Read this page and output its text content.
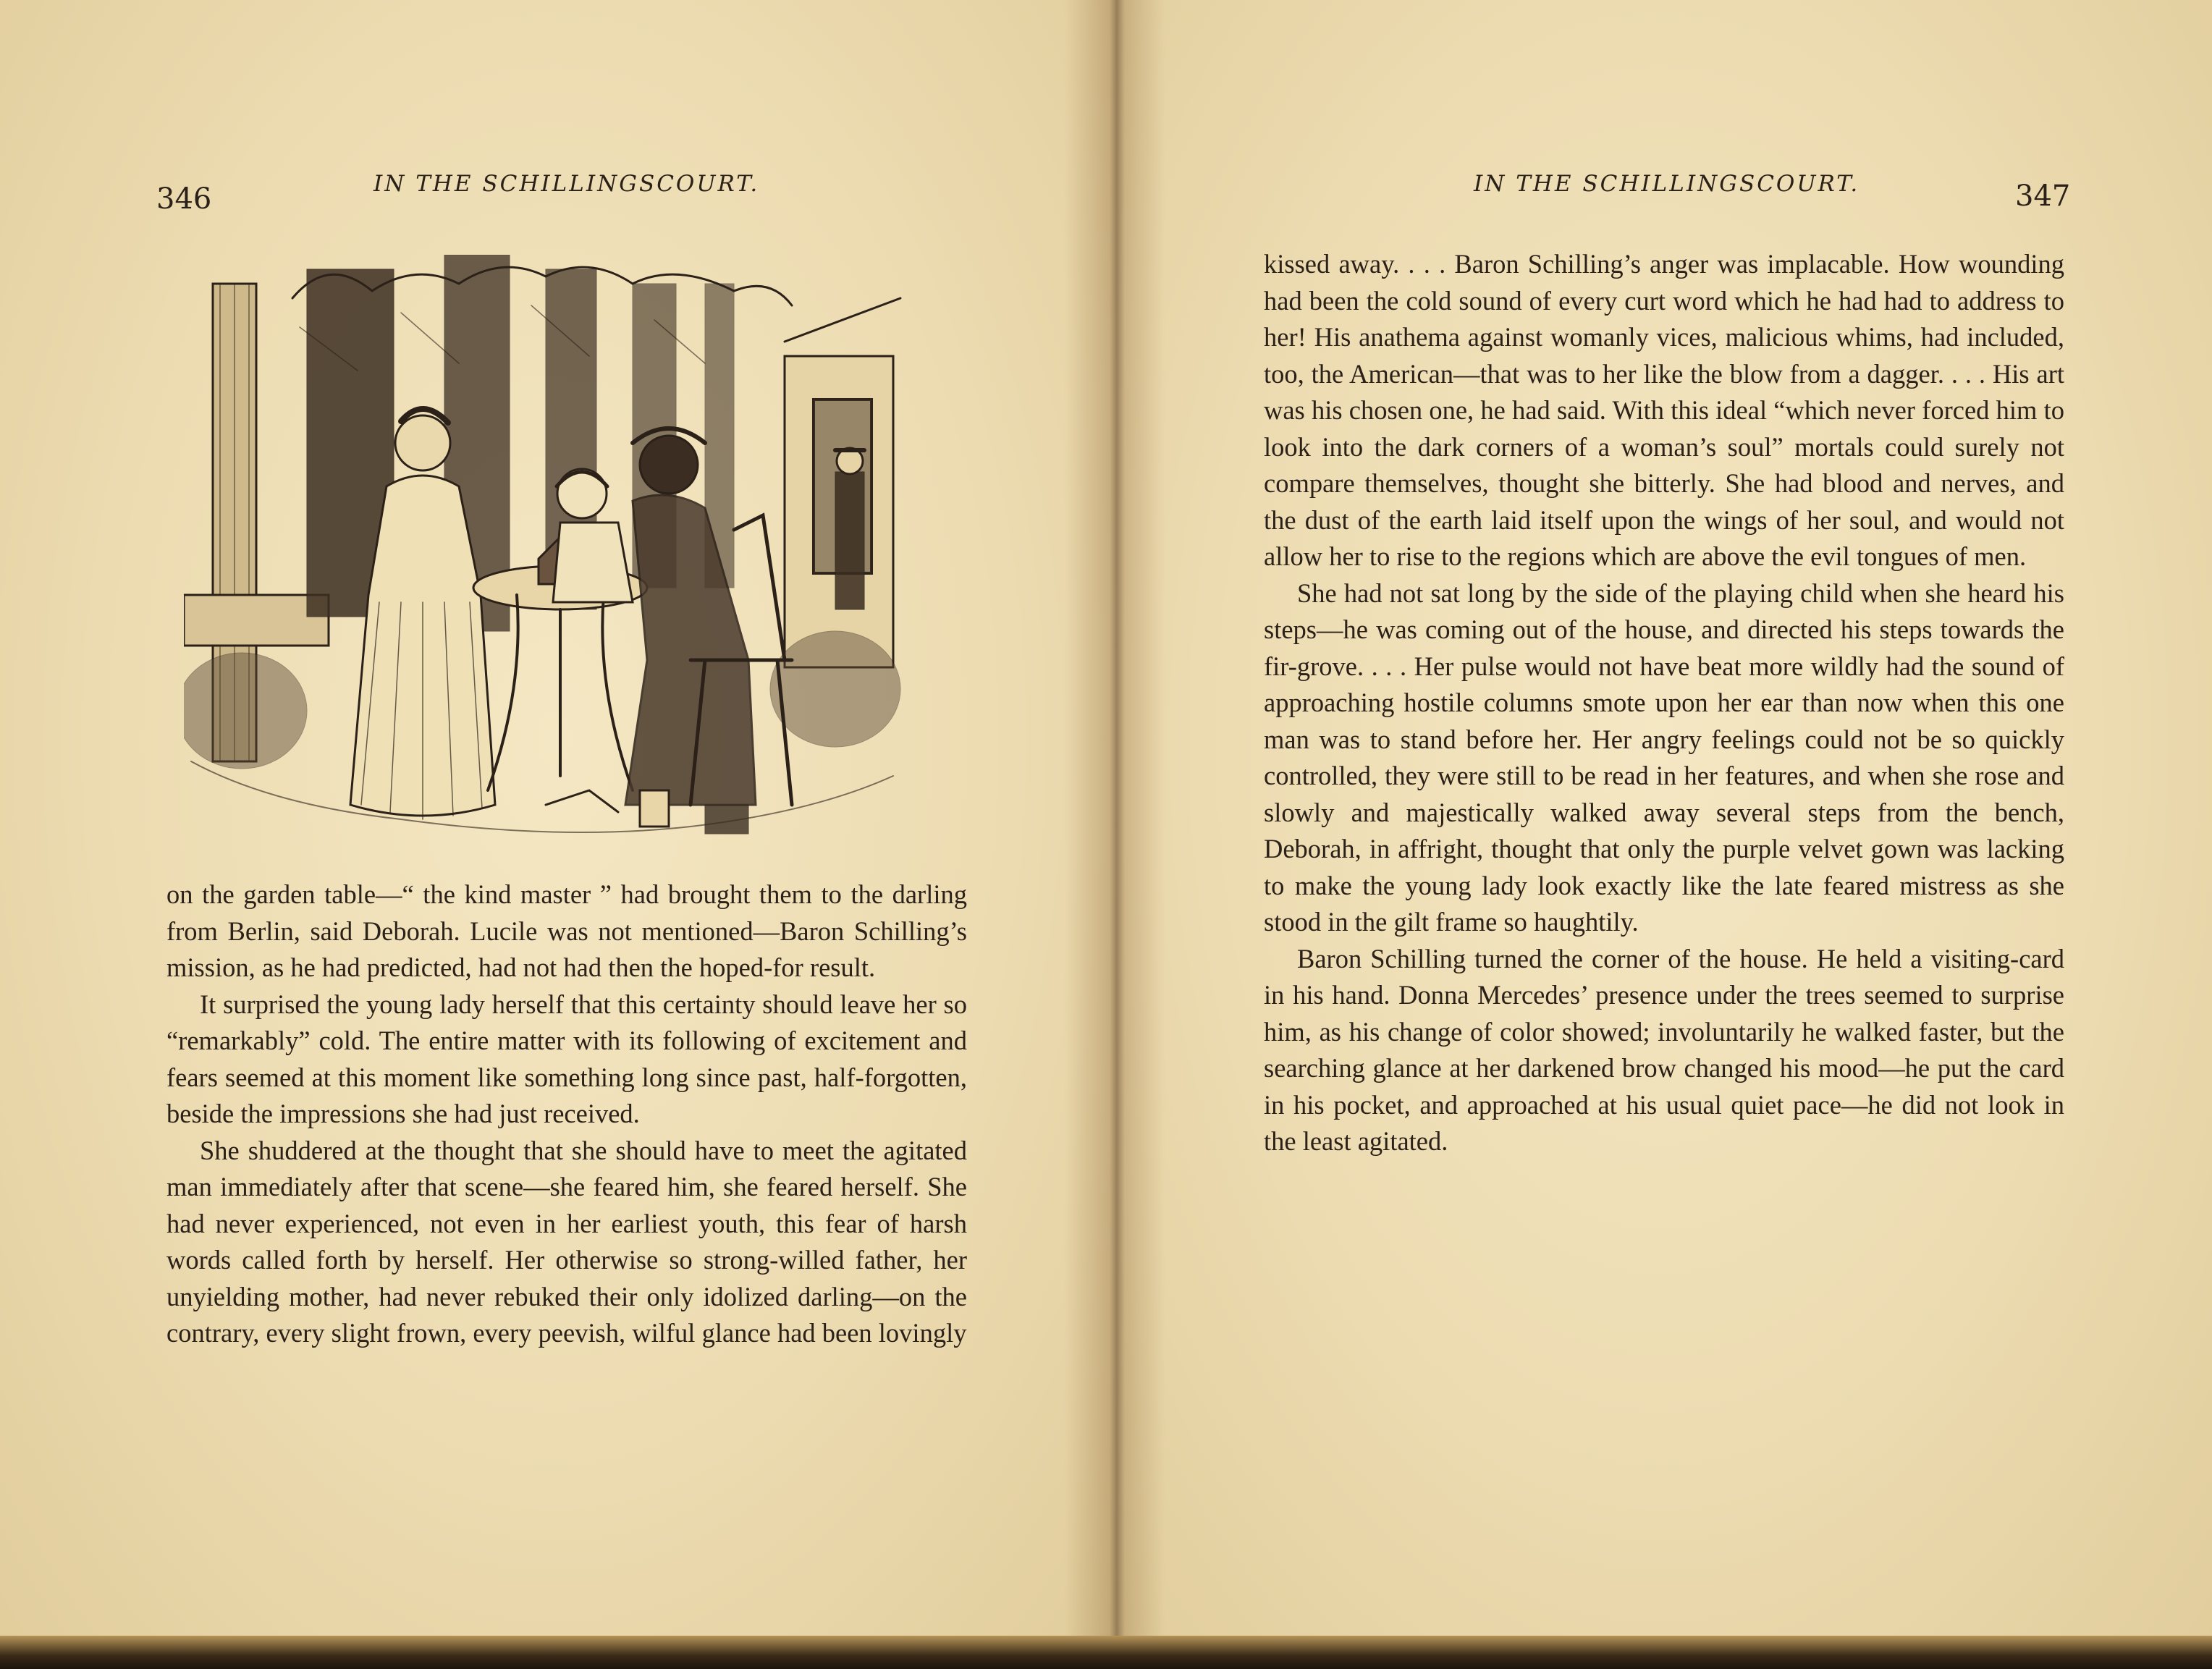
346	IN THE SCHILLINGSCOURT.

on the garden table—“ the kind master ” had brought them to the darling from Berlin, said Deborah. Lucile was not mentioned—Baron Schilling’s mission, as he had predicted, had not had then the hoped-for result.

It surprised the young lady herself that this certainty should leave her so “remarkably” cold. The entire matter with its following of excitement and fears seemed at this moment like something long since past, half-forgotten, beside the impressions she had just received.

She shuddered at the thought that she should have to meet the agitated man immediately after that scene—she feared him, she feared herself. She had never experienced, not even in her earliest youth, this fear of harsh words called forth by herself. Her otherwise so strong-willed father, her unyielding mother, had never rebuked their only idolized darling—on the contrary, every slight frown, every peevish, wilful glance had been lovingly

IN THE SCHILLINGSCOURT.	347

kissed away. . . . Baron Schilling’s anger was implacable. How wounding had been the cold sound of every curt word which he had had to address to her! His anathema against womanly vices, malicious whims, had included, too, the American—that was to her like the blow from a dagger. . . . His art was his chosen one, he had said. With this ideal “which never forced him to look into the dark corners of a woman’s soul” mortals could surely not compare themselves, thought she bitterly. She had blood and nerves, and the dust of the earth laid itself upon the wings of her soul, and would not allow her to rise to the regions which are above the evil tongues of men.

She had not sat long by the side of the playing child when she heard his steps—he was coming out of the house, and directed his steps towards the fir-grove. . . . Her pulse would not have beat more wildly had the sound of approaching hostile columns smote upon her ear than now when this one man was to stand before her. Her angry feelings could not be so quickly controlled, they were still to be read in her features, and when she rose and slowly and majestically walked away several steps from the bench, Deborah, in affright, thought that only the purple velvet gown was lacking to make the young lady look exactly like the late feared mistress as she stood in the gilt frame so haughtily.

Baron Schilling turned the corner of the house. He held a visiting-card in his hand. Donna Mercedes’ presence under the trees seemed to surprise him, as his change of color showed; involuntarily he walked faster, but the searching glance at her darkened brow changed his mood—he put the card in his pocket, and approached at his usual quiet pace—he did not look in the least agitated.
